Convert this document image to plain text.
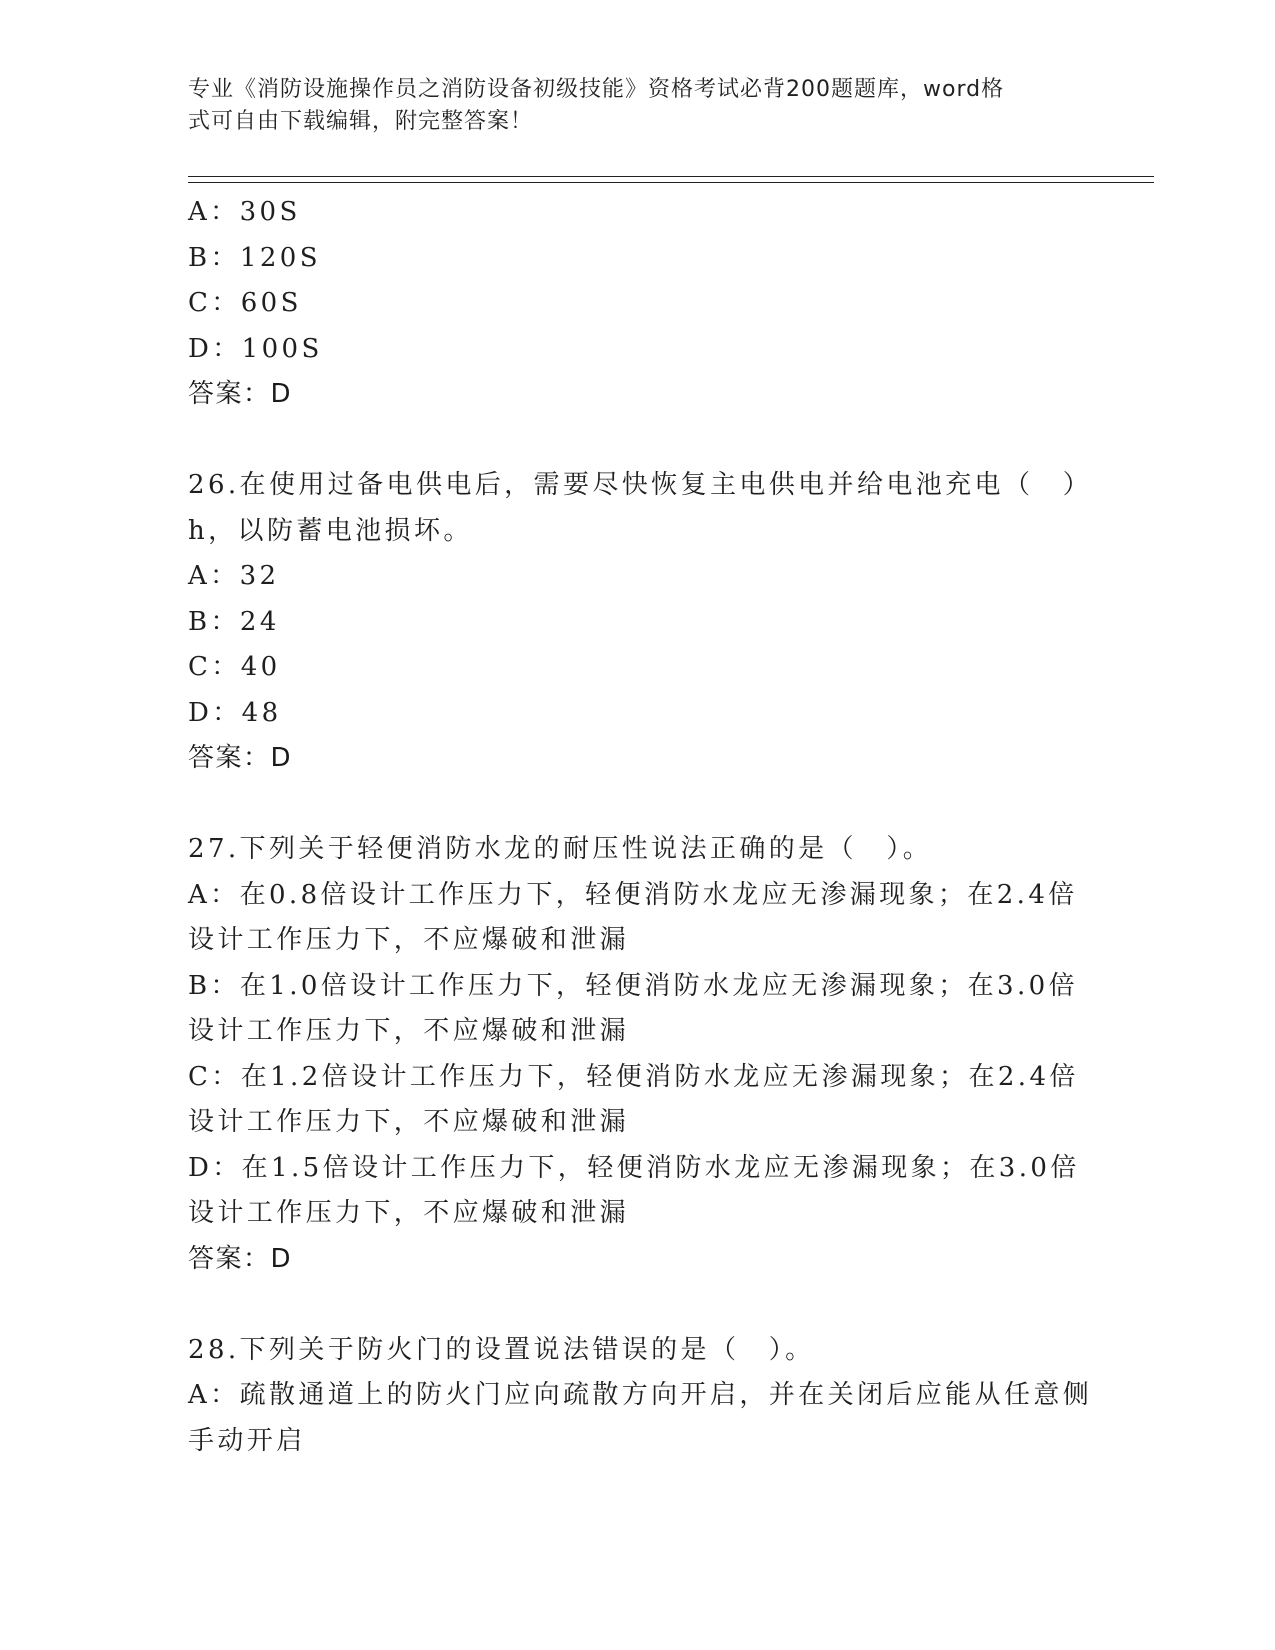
专业《消防设施操作员之消防设备初级技能》资格考试必背200题题库，word格
式可自由下载编辑，附完整答案！
A：30S
B：120S
C：60S
D：100S
答案：D
26.在使用过备电供电后，需要尽快恢复主电供电并给电池充电（　）
h，以防蓄电池损坏。
A：32
B：24
C：40
D：48
答案：D
27.下列关于轻便消防水龙的耐压性说法正确的是（　）。
A：在0.8倍设计工作压力下，轻便消防水龙应无渗漏现象；在2.4倍
设计工作压力下，不应爆破和泄漏
B：在1.0倍设计工作压力下，轻便消防水龙应无渗漏现象；在3.0倍
设计工作压力下，不应爆破和泄漏
C：在1.2倍设计工作压力下，轻便消防水龙应无渗漏现象；在2.4倍
设计工作压力下，不应爆破和泄漏
D：在1.5倍设计工作压力下，轻便消防水龙应无渗漏现象；在3.0倍
设计工作压力下，不应爆破和泄漏
答案：D
28.下列关于防火门的设置说法错误的是（　）。
A：疏散通道上的防火门应向疏散方向开启，并在关闭后应能从任意侧
手动开启
